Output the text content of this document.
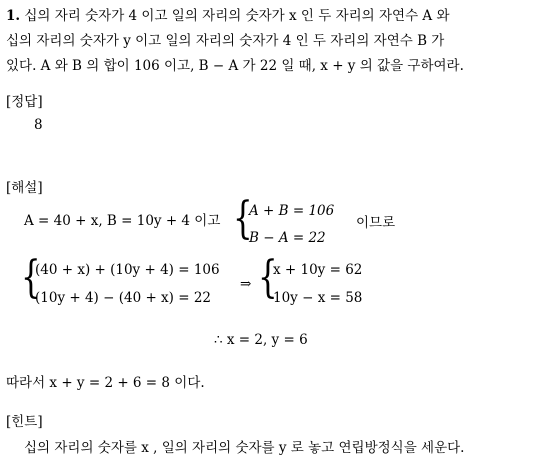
1. 십의 자리 숫자가 4 이고 일의 자리의 숫자가 x 인 두 자리의 자연수 A 와
십의 자리의 숫자가 y 이고 일의 자리의 숫자가 4 인 두 자리의 자연수 B 가
있다. A 와 B 의 합이 106 이고, B − A 가 22 일 때, x + y 의 값을 구하여라.
[정답]
8
[해설]
A = 40 + x, B = 10y + 4 이고 {
A + B = 106
B − A = 22
이므로
{
(40 + x) + (10y + 4) = 106
(10y + 4) − (40 + x) = 22
⇒ {
x + 10y = 62
10y − x = 58
∴ x = 2, y = 6
따라서 x + y = 2 + 6 = 8 이다.
[힌트]
십의 자리의 숫자를 x , 일의 자리의 숫자를 y 로 놓고 연립방정식을 세운다.
